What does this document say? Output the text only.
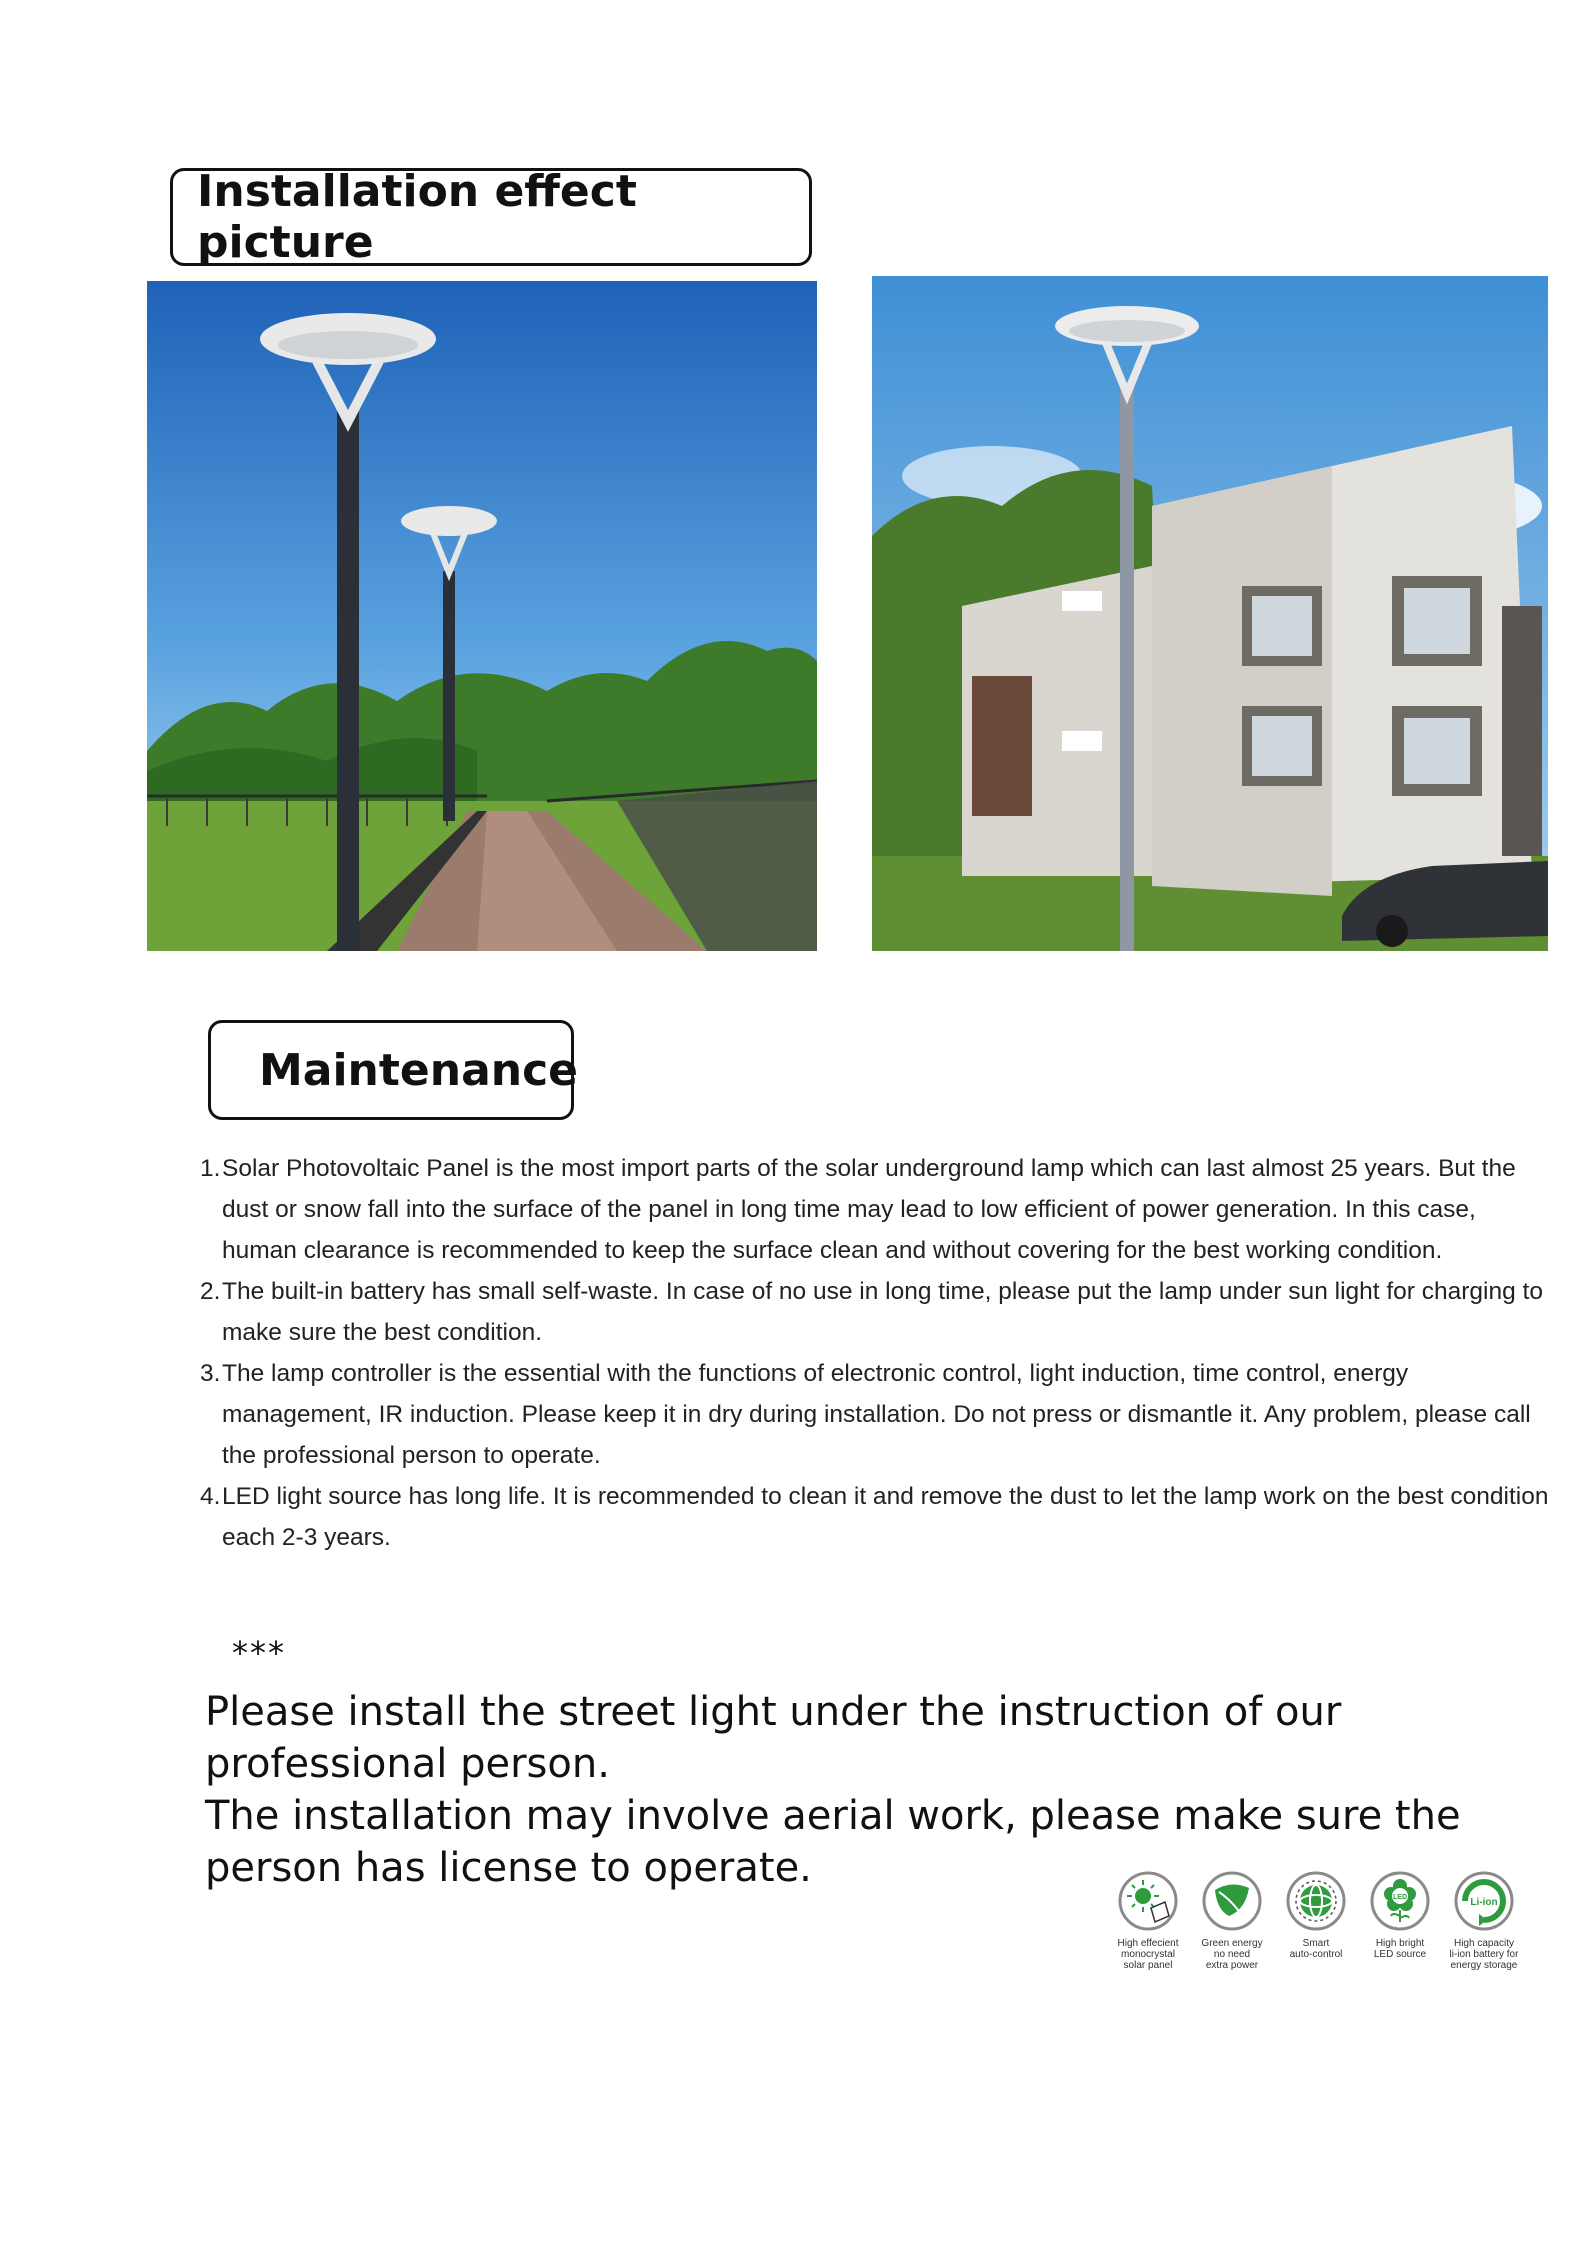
Installation effect picture
Maintenance
1. Solar Photovoltaic Panel is the most import parts of the solar underground lamp which can last almost 25 years. But the dust or snow fall into the surface of the panel in long time may lead to low efficient of power generation. In this case, human clearance is recommended to keep the surface clean and without covering for the best working condition.
2. The built-in battery has small self-waste. In case of no use in long time, please put the lamp under sun light for charging to make sure the best condition.
3. The lamp controller is the essential with the functions of electronic control, light induction, time control, energy management, IR induction. Please keep it in dry during installation. Do not press or dismantle it. Any problem, please call the professional person to operate.
4. LED light source has long life. It is recommended to clean it and remove the dust to let the lamp work on the best condition each 2-3 years.
***

Please install the street light under the instruction of our professional person.

The installation may involve aerial work, please make sure the person has license to operate.

High effecient
monocrystal
solar panel
Green energy
no need
extra power
Smart
auto-control
LED
High bright
LED source
Li-ion
High capacity
li-ion battery for
energy storage
